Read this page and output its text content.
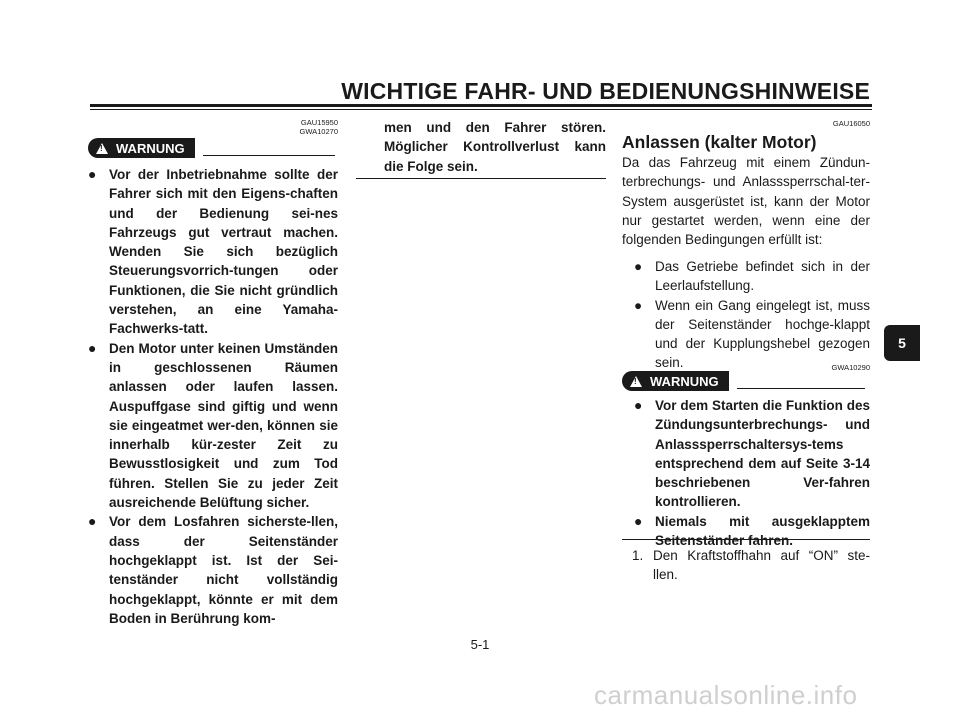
WICHTIGE FAHR- UND BEDIENUNGSHINWEISE
GAU15950
GWA10270
!
WARNUNG
● Vor der Inbetriebnahme sollte der Fahrer sich mit den Eigens-chaften und der Bedienung sei-nes Fahrzeugs gut vertraut machen. Wenden Sie sich bezüglich Steuerungsvorrich-tungen oder Funktionen, die Sie nicht gründlich verstehen, an eine Yamaha-Fachwerks-tatt.
● Den Motor unter keinen Umständen in geschlossenen Räumen anlassen oder laufen lassen. Auspuffgase sind giftig und wenn sie eingeatmet wer-den, können sie innerhalb kür-zester Zeit zu Bewusstlosigkeit und zum Tod führen. Stellen Sie zu jeder Zeit ausreichende Belüftung sicher.
● Vor dem Losfahren sicherste-llen, dass der Seitenständer hochgeklappt ist. Ist der Sei-tenständer nicht vollständig hochgeklappt, könnte er mit dem Boden in Berührung kom-
men und den Fahrer stören. Möglicher Kontrollverlust kann die Folge sein.
GAU16050
Anlassen (kalter Motor)
Da das Fahrzeug mit einem Zündun-terbrechungs- und Anlasssperrschal-ter-System ausgerüstet ist, kann der Motor nur gestartet werden, wenn eine der folgenden Bedingungen erfüllt ist:
● Das Getriebe befindet sich in der Leerlaufstellung.
● Wenn ein Gang eingelegt ist, muss der Seitenständer hochge-klappt und der Kupplungshebel gezogen sein.	GWA10290
!
WARNUNG
● Vor dem Starten die Funktion des Zündungsunterbrechungs- und Anlasssperrschaltersys-tems entsprechend dem auf Seite 3-14 beschriebenen Ver-fahren kontrollieren.
● Niemals mit ausgeklapptem Seitenständer fahren.
1. Den Kraftstoffhahn auf “ON” ste-llen.
5
5-1
carmanualsonline.info
